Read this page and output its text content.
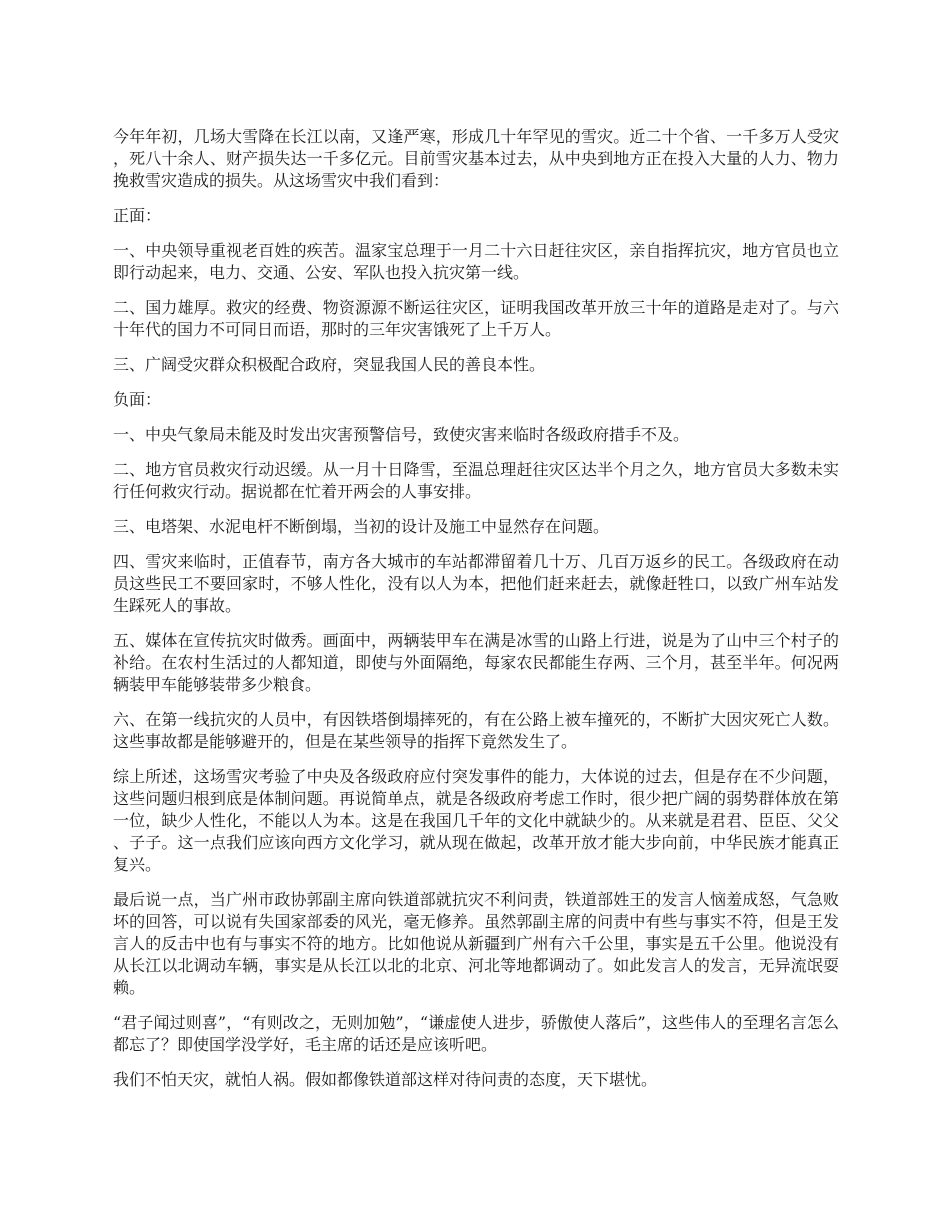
今年年初，几场大雪降在长江以南，又逢严寒，形成几十年罕见的雪灾。近二十个省、一千多万人受灾，死八十余人、财产损失达一千多亿元。目前雪灾基本过去，从中央到地方正在投入大量的人力、物力挽救雪灾造成的损失。从这场雪灾中我们看到：

正面：

一、中央领导重视老百姓的疾苦。温家宝总理于一月二十六日赶往灾区，亲自指挥抗灾，地方官员也立即行动起来，电力、交通、公安、军队也投入抗灾第一线。

二、国力雄厚。救灾的经费、物资源源不断运往灾区，证明我国改革开放三十年的道路是走对了。与六十年代的国力不可同日而语，那时的三年灾害饿死了上千万人。

三、广阔受灾群众积极配合政府，突显我国人民的善良本性。

负面：

一、中央气象局未能及时发出灾害预警信号，致使灾害来临时各级政府措手不及。

二、地方官员救灾行动迟缓。从一月十日降雪，至温总理赶往灾区达半个月之久，地方官员大多数未实行任何救灾行动。据说都在忙着开两会的人事安排。

三、电塔架、水泥电杆不断倒塌，当初的设计及施工中显然存在问题。

四、雪灾来临时，正值春节，南方各大城市的车站都滞留着几十万、几百万返乡的民工。各级政府在动员这些民工不要回家时，不够人性化，没有以人为本，把他们赶来赶去，就像赶牲口，以致广州车站发生踩死人的事故。

五、媒体在宣传抗灾时做秀。画面中，两辆装甲车在满是冰雪的山路上行进，说是为了山中三个村子的补给。在农村生活过的人都知道，即使与外面隔绝，每家农民都能生存两、三个月，甚至半年。何况两辆装甲车能够装带多少粮食。

六、在第一线抗灾的人员中，有因铁塔倒塌摔死的，有在公路上被车撞死的，不断扩大因灾死亡人数。这些事故都是能够避开的，但是在某些领导的指挥下竟然发生了。

综上所述，这场雪灾考验了中央及各级政府应付突发事件的能力，大体说的过去，但是存在不少问题，这些问题归根到底是体制问题。再说简单点，就是各级政府考虑工作时，很少把广阔的弱势群体放在第一位，缺少人性化，不能以人为本。这是在我国几千年的文化中就缺少的。从来就是君君、臣臣、父父、子子。这一点我们应该向西方文化学习，就从现在做起，改革开放才能大步向前，中华民族才能真正复兴。

最后说一点，当广州市政协郭副主席向铁道部就抗灾不利问责，铁道部姓王的发言人恼羞成怒，气急败坏的回答，可以说有失国家部委的风光，毫无修养。虽然郭副主席的问责中有些与事实不符，但是王发言人的反击中也有与事实不符的地方。比如他说从新疆到广州有六千公里，事实是五千公里。他说没有从长江以北调动车辆，事实是从长江以北的北京、河北等地都调动了。如此发言人的发言，无异流氓耍赖。

“君子闻过则喜”，“有则改之，无则加勉”，“谦虚使人进步，骄傲使人落后”，这些伟人的至理名言怎么都忘了？即使国学没学好，毛主席的话还是应该听吧。

我们不怕天灾，就怕人祸。假如都像铁道部这样对待问责的态度，天下堪忧。
